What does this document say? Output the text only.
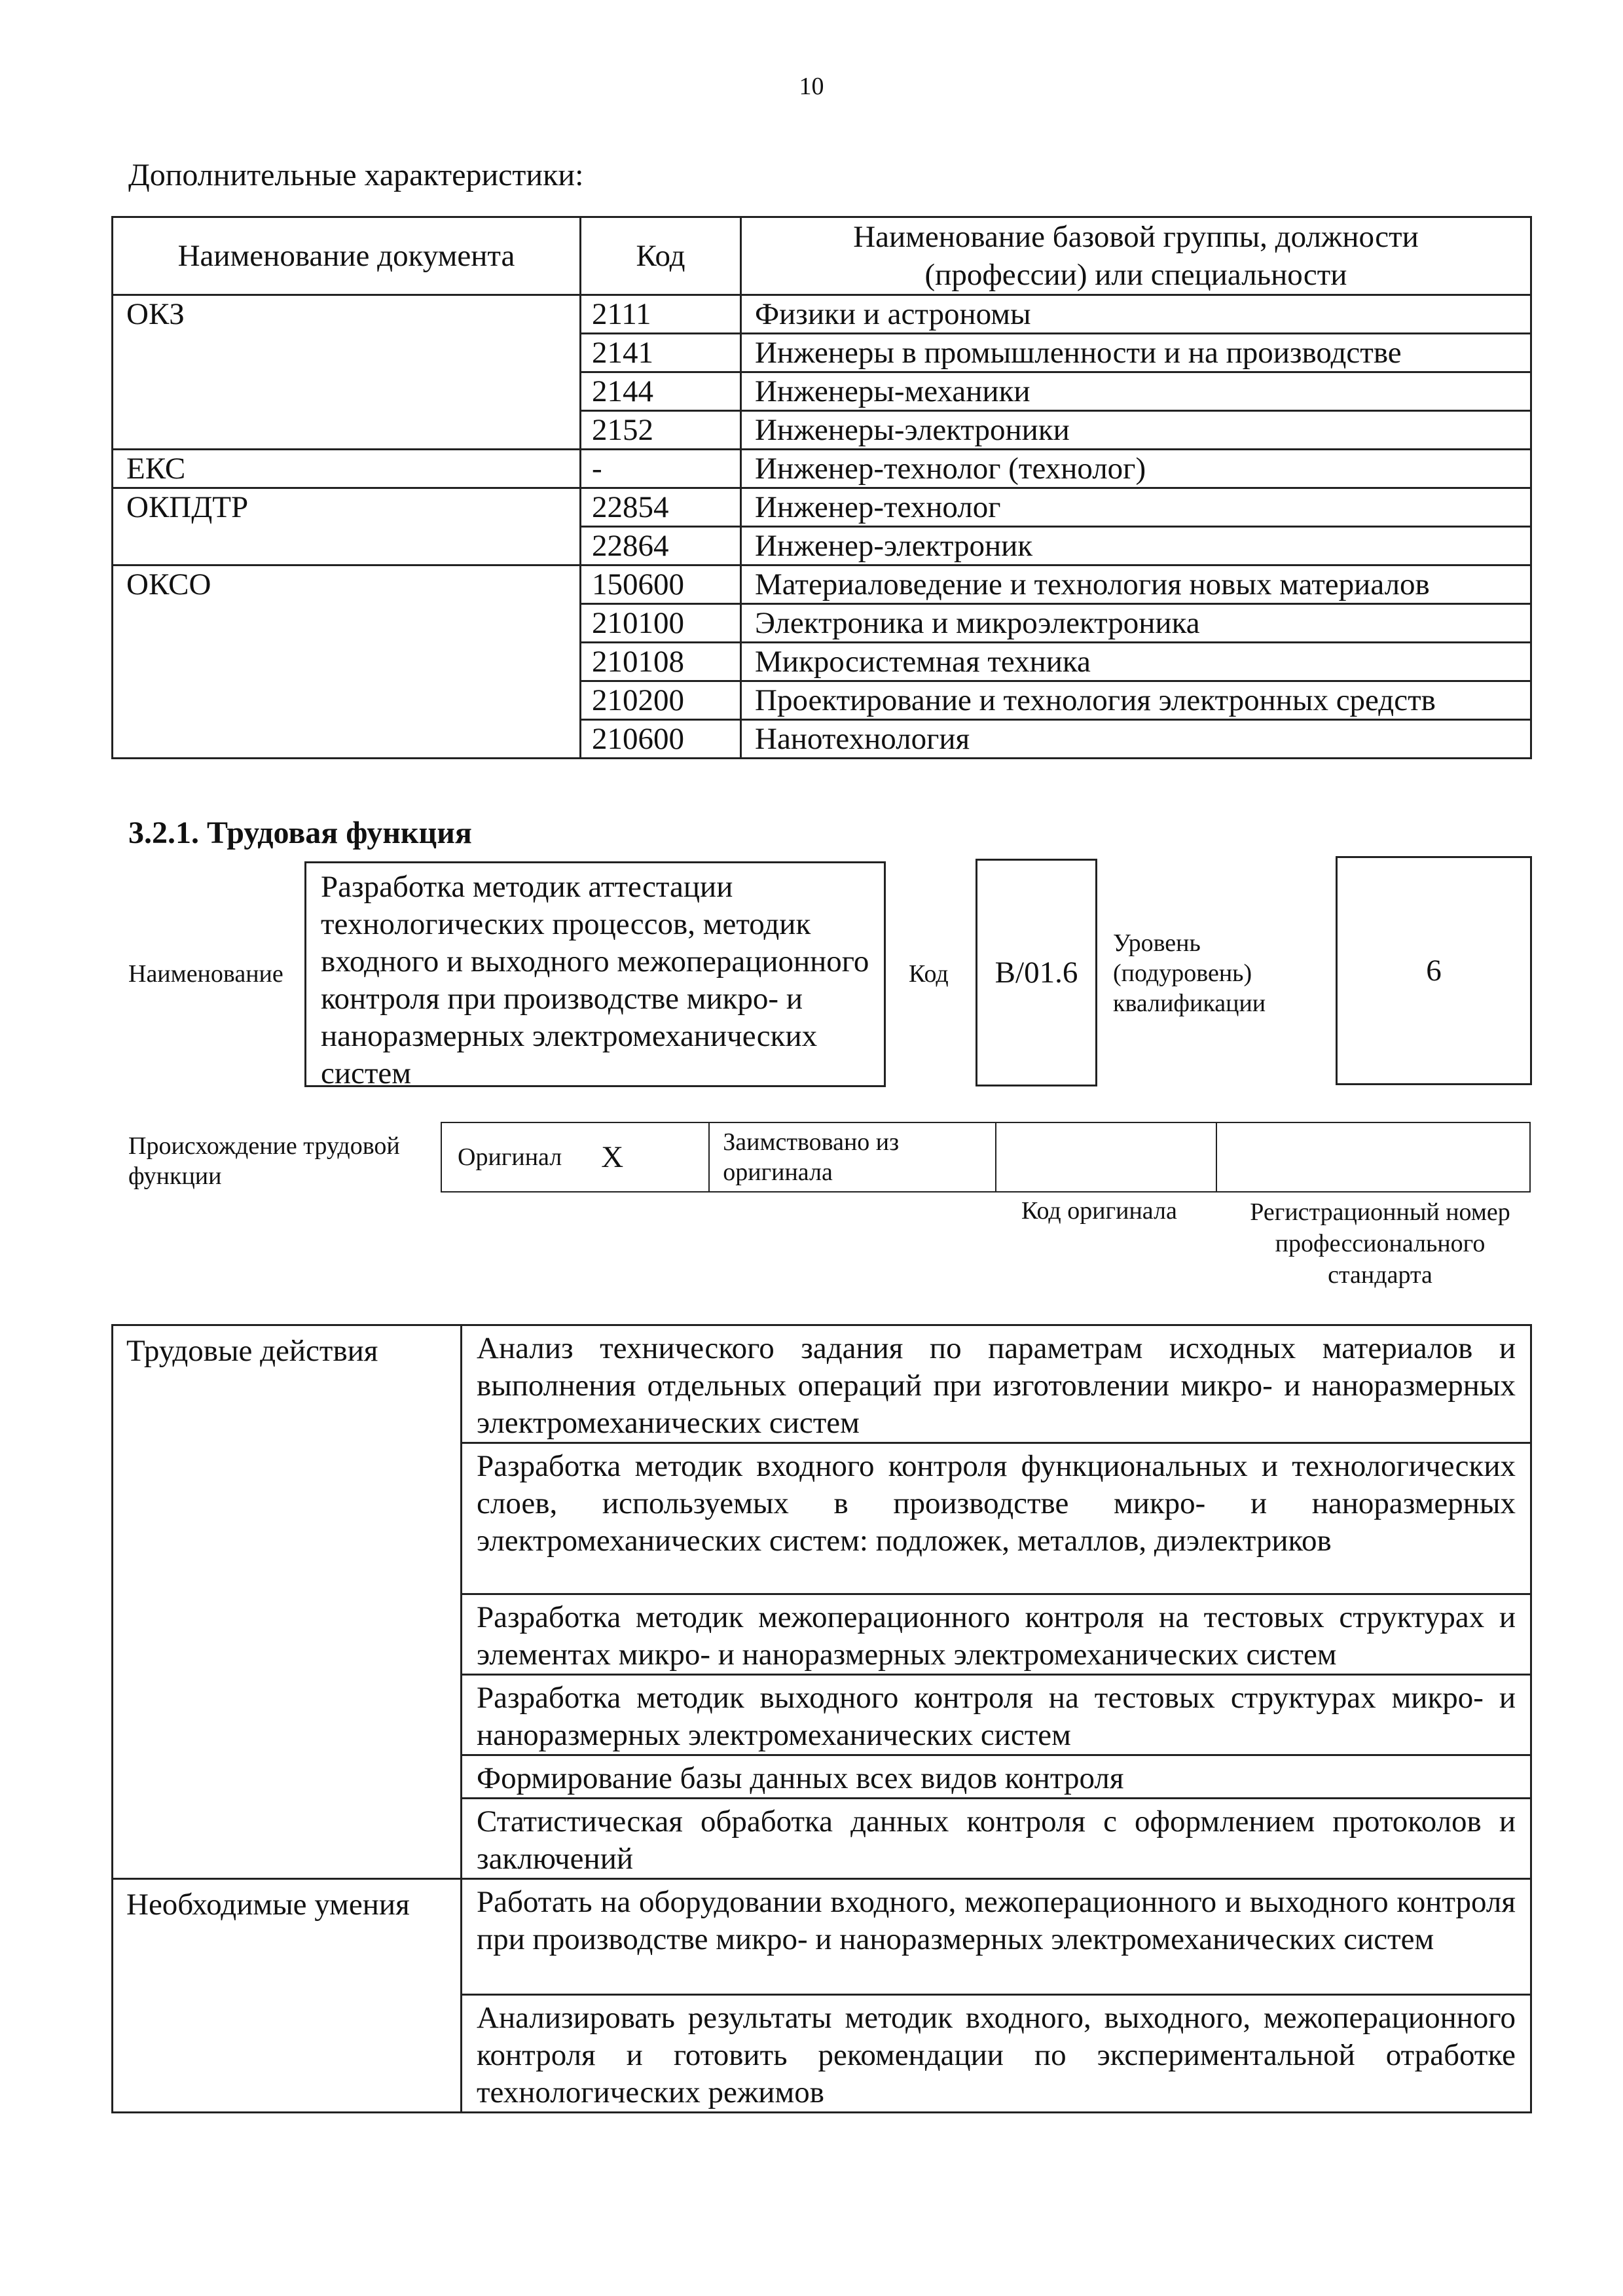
10
Дополнительные характеристики:
Наименование документа	Код	Наименование базовой группы, должности (профессии) или специальности
ОКЗ	2111	Физики и астрономы
	2141	Инженеры в промышленности и на производстве
	2144	Инженеры-механики
	2152	Инженеры-электроники
ЕКС	-	Инженер-технолог (технолог)
ОКПДТР	22854	Инженер-технолог
	22864	Инженер-электроник
ОКСО	150600	Материаловедение и технология новых материалов
	210100	Электроника и микроэлектроника
	210108	Микросистемная техника
	210200	Проектирование и технология электронных средств
	210600	Нанотехнология
3.2.1. Трудовая функция
Наименование
Разработка методик аттестации технологических процессов, методик входного и выходного межоперационного контроля при производстве микро- и наноразмерных электромеханических систем
Код B/01.6
Уровень (подуровень) квалификации
6
Происхождение трудовой функции
Оригинал	X	Заимствовано из оригинала		
Код оригинала	Регистрационный номер профессионального стандарта
Трудовые действия	Анализ технического задания по параметрам исходных материалов и выполнения отдельных операций при изготовлении микро- и наноразмерных электромеханических систем
	Разработка методик входного контроля функциональных и технологических слоев, используемых в производстве микро- и наноразмерных электромеханических систем: подложек, металлов, диэлектриков
	Разработка методик межоперационного контроля на тестовых структурах и элементах микро- и наноразмерных электромеханических систем
	Разработка методик выходного контроля на тестовых структурах микро- и наноразмерных электромеханических систем
	Формирование базы данных всех видов контроля
	Статистическая обработка данных контроля с оформлением протоколов и заключений
Необходимые умения	Работать на оборудовании входного, межоперационного и выходного контроля при производстве микро- и наноразмерных электромеханических систем
	Анализировать результаты методик входного, выходного, межоперационного контроля и готовить рекомендации по экспериментальной отработке технологических режимов
